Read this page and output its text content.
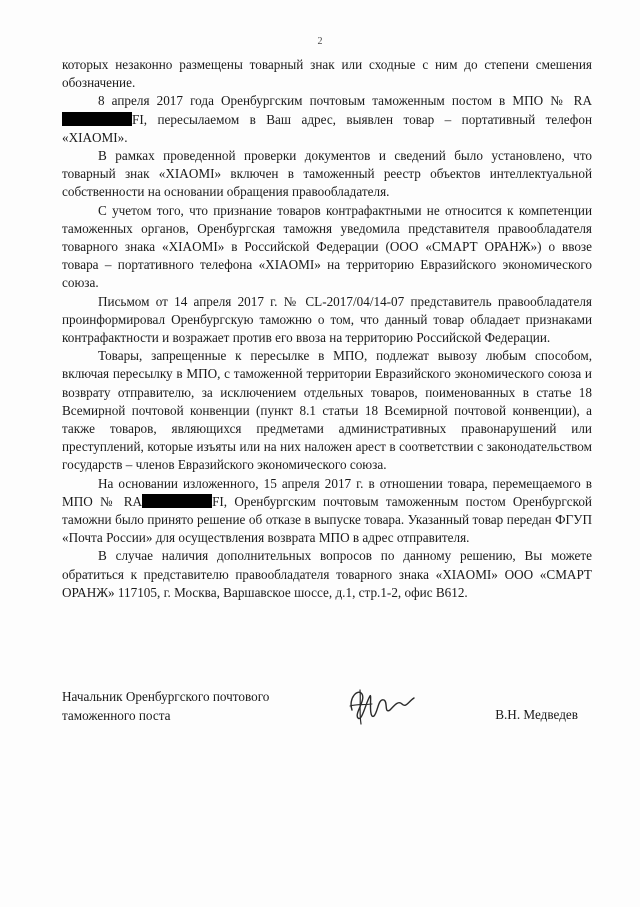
2

которых незаконно размещены товарный знак или сходные с ним до степени смешения обозначение.

8 апреля 2017 года Оренбургским почтовым таможенным постом в МПО № RAFI, пересылаемом в Ваш адрес, выявлен товар – портативный телефон «XIAOMI».

В рамках проведенной проверки документов и сведений было установлено, что товарный знак «XIAOMI» включен в таможенный реестр объектов интеллектуальной собственности на основании обращения правообладателя.

С учетом того, что признание товаров контрафактными не относится к компетенции таможенных органов, Оренбургская таможня уведомила представителя правообладателя товарного знака «XIAOMI» в Российской Федерации (ООО «СМАРТ ОРАНЖ») о ввозе товара – портативного телефона «XIAOMI» на территорию Евразийского экономического союза.

Письмом от 14 апреля 2017 г. № CL-2017/04/14-07 представитель правообладателя проинформировал Оренбургскую таможню о том, что данный товар обладает признаками контрафактности и возражает против его ввоза на территорию Российской Федерации.

Товары, запрещенные к пересылке в МПО, подлежат вывозу любым способом, включая пересылку в МПО, с таможенной территории Евразийского экономического союза и возврату отправителю, за исключением отдельных товаров, поименованных в статье 18 Всемирной почтовой конвенции (пункт 8.1 статьи 18 Всемирной почтовой конвенции), а также товаров, являющихся предметами административных правонарушений или преступлений, которые изъяты или на них наложен арест в соответствии с законодательством государств – членов Евразийского экономического союза.

На основании изложенного, 15 апреля 2017 г. в отношении товара, перемещаемого в МПО № RA	FI, Оренбургским почтовым таможенным постом Оренбургской таможни было принято решение об отказе в выпуске товара. Указанный товар передан ФГУП «Почта России» для осуществления возврата МПО в адрес отправителя.

В случае наличия дополнительных вопросов по данному решению, Вы можете обратиться к представителю правообладателя товарного знака «XIAOMI» ООО «СМАРТ ОРАНЖ» 117105, г. Москва, Варшавское шоссе, д.1, стр.1-2, офис В612.

Начальник Оренбургского почтового
таможенного поста	В.Н. Медведев
